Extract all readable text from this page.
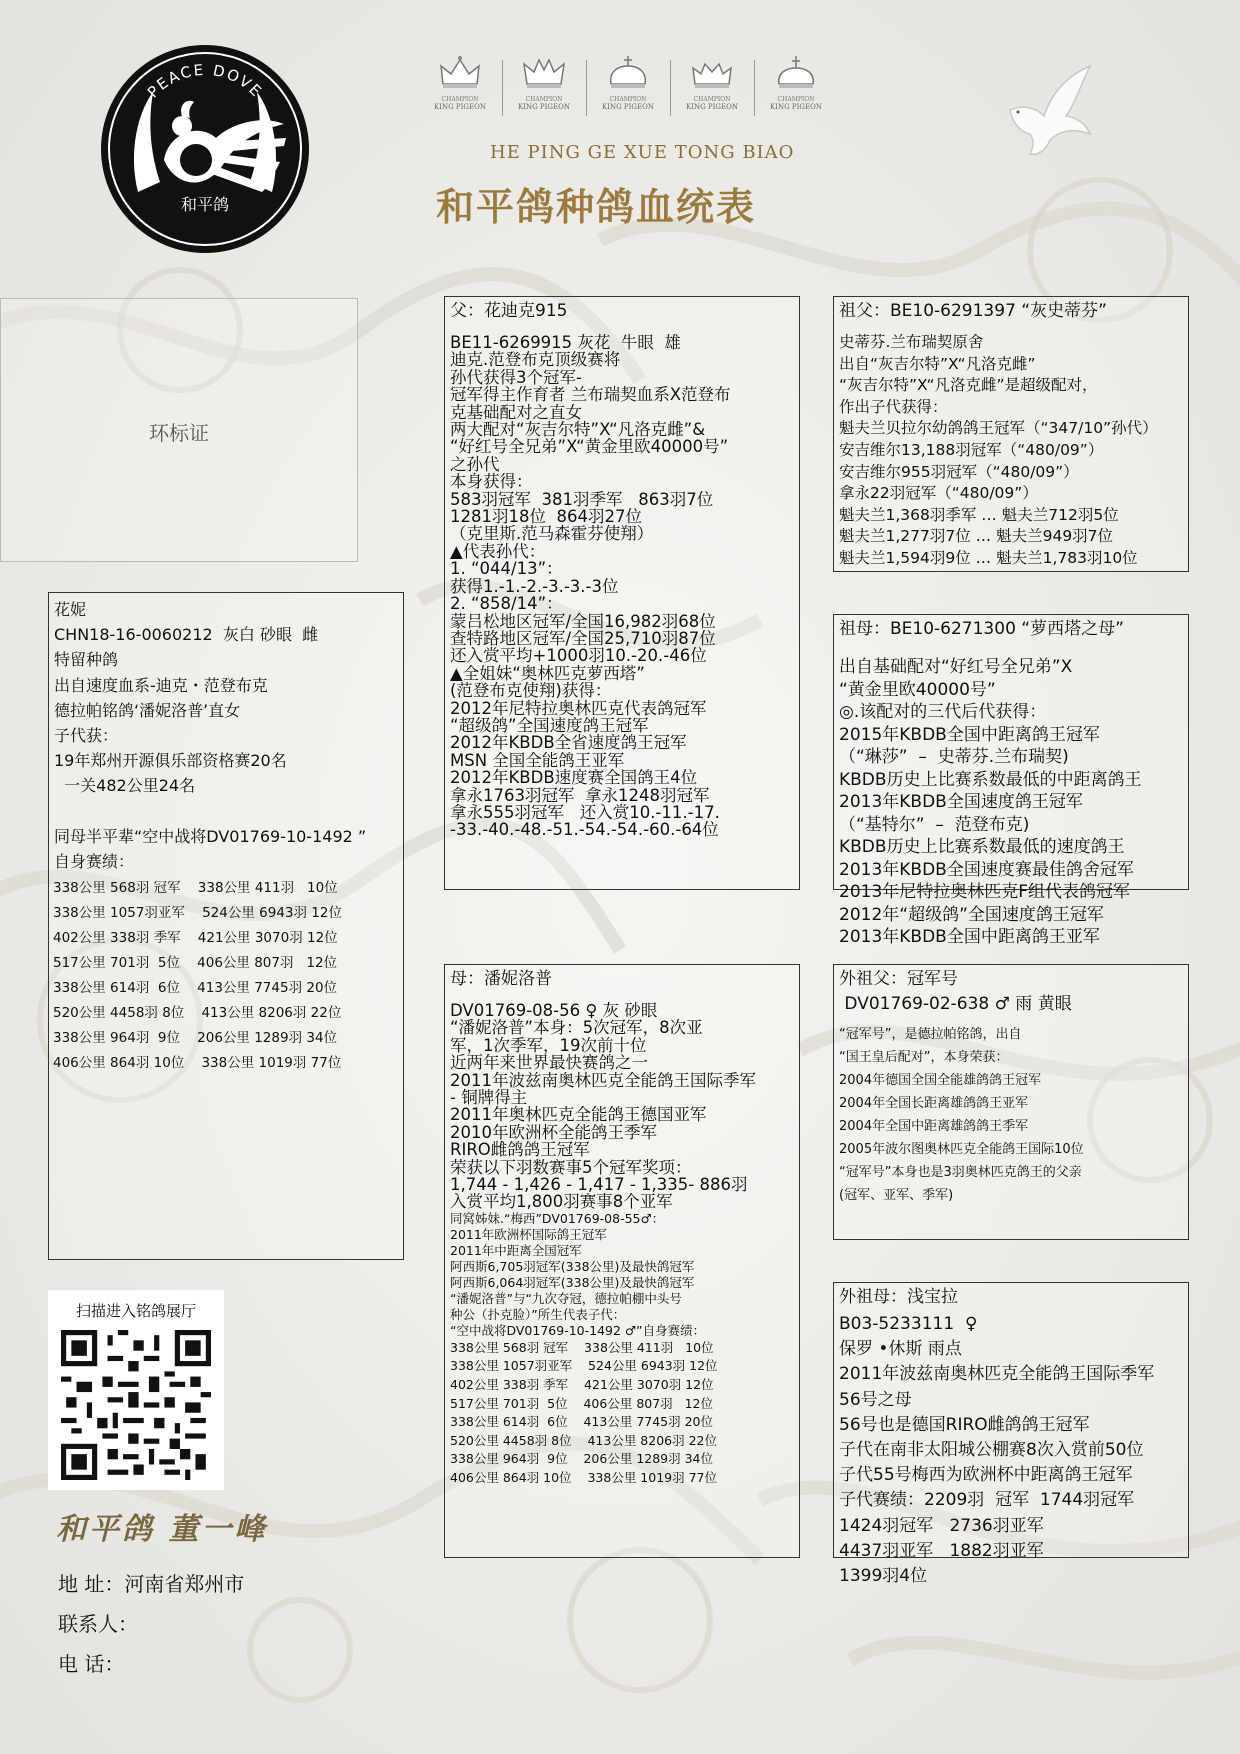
和平鸽
PEACE DOVE	CHAMPION
KING PIGEON
CHAMPION
KING PIGEON
CHAMPION
KING PIGEON
CHAMPION
KING PIGEON
CHAMPION
KING PIGEON
HE PING GE XUE TONG BIAO
和平鸽种鸽血统表
环标证
花妮
CHN18-16-0060212  灰白 砂眼  雌
特留种鸽
出自速度血系-迪克・范登布克
德拉帕铭鸽‘潘妮洛普’直女
子代获：
19年郑州开源俱乐部资格赛20名
一关482公里24名

同母半平辈“空中战将DV01769-10-1492 ”
自身赛绩：
338公里 568羽 冠军    338公里 411羽   10位
338公里 1057羽亚军    524公里 6943羽 12位
402公里 338羽 季军    421公里 3070羽 12位
517公里 701羽  5位    406公里 807羽   12位
338公里 614羽  6位    413公里 7745羽 20位
520公里 4458羽 8位    413公里 8206羽 22位
338公里 964羽  9位    206公里 1289羽 34位
406公里 864羽 10位    338公里 1019羽 77位
扫描进入铭鸽展厅
和平鸽 董一峰
地 址：河南省郑州市
联系人：
电 话：
父：花迪克915
BE11-6269915 灰花  牛眼  雄
迪克.范登布克顶级赛将
孙代获得3个冠军-
冠军得主作育者 兰布瑞契血系X范登布
克基础配对之直女
两大配对“灰吉尔特”X“凡洛克雌”&
“好红号全兄弟”X“黄金里欧40000号”
之孙代
本身获得：
583羽冠军  381羽季军   863羽7位
1281羽18位  864羽27位
（克里斯.范马森霍芬使翔）
▲代表孙代：
1. “044/13”：
获得1.-1.-2.-3.-3.-3位
2. “858/14”：
蒙吕松地区冠军/全国16,982羽68位
查特路地区冠军/全国25,710羽87位
还入赏平均+1000羽10.-20.-46位
▲全姐妹“奥林匹克萝西塔”
(范登布克使翔)获得：
2012年尼特拉奥林匹克代表鸽冠军
“超级鸽”全国速度鸽王冠军
2012年KBDB全省速度鸽王冠军
MSN 全国全能鸽王亚军
2012年KBDB速度赛全国鸽王4位
拿永1763羽冠军  拿永1248羽冠军
拿永555羽冠军   还入赏10.-11.-17.
-33.-40.-48.-51.-54.-54.-60.-64位
母：潘妮洛普
DV01769-08-56 ♀ 灰 砂眼
“潘妮洛普”本身：5次冠军，8次亚
军，1次季军，19次前十位
近两年来世界最快赛鸽之一
2011年波兹南奥林匹克全能鸽王国际季军
- 铜牌得主
2011年奥林匹克全能鸽王德国亚军
2010年欧洲杯全能鸽王季军
RIRO雌鸽鸽王冠军
荣获以下羽数赛事5个冠军奖项：
1,744 - 1,426 - 1,417 - 1,335- 886羽
入赏平均1,800羽赛事8个亚军
同窝姊妹.“梅西”DV01769-08-55♂：
2011年欧洲杯国际鸽王冠军
2011年中距离全国冠军
阿西斯6,705羽冠军(338公里)及最快鸽冠军
阿西斯6,064羽冠军(338公里)及最快鸽冠军
“潘妮洛普”与“九次夺冠，德拉帕棚中头号
种公（扑克脸）”所生代表子代：
“空中战将DV01769-10-1492 ♂”自身赛绩：
338公里 568羽 冠军    338公里 411羽   10位
338公里 1057羽亚军    524公里 6943羽 12位
402公里 338羽 季军    421公里 3070羽 12位
517公里 701羽  5位    406公里 807羽   12位
338公里 614羽  6位    413公里 7745羽 20位
520公里 4458羽 8位    413公里 8206羽 22位
338公里 964羽  9位    206公里 1289羽 34位
406公里 864羽 10位    338公里 1019羽 77位
祖父：BE10-6291397 “灰史蒂芬”
史蒂芬.兰布瑞契原舍
出自“灰吉尔特”X“凡洛克雌”
“灰吉尔特”X“凡洛克雌”是超级配对，
作出子代获得：
魁夫兰贝拉尔幼鸽鸽王冠军（“347/10”孙代）
安吉维尔13,188羽冠军（“480/09”）
安吉维尔955羽冠军（“480/09”）
拿永22羽冠军（“480/09”）
魁夫兰1,368羽季军 … 魁夫兰712羽5位
魁夫兰1,277羽7位 … 魁夫兰949羽7位
魁夫兰1,594羽9位 … 魁夫兰1,783羽10位
祖母：BE10-6271300 “萝西塔之母”
出自基础配对“好红号全兄弟”X
“黄金里欧40000号”
◎.该配对的三代后代获得：
2015年KBDB全国中距离鸽王冠军
（“琳莎”  –  史蒂芬.兰布瑞契)
KBDB历史上比赛系数最低的中距离鸽王
2013年KBDB全国速度鸽王冠军
（“基特尔”  –  范登布克)
KBDB历史上比赛系数最低的速度鸽王
2013年KBDB全国速度赛最佳鸽舍冠军
2013年尼特拉奥林匹克F组代表鸽冠军
2012年“超级鸽”全国速度鸽王冠军
2013年KBDB全国中距离鸽王亚军
外祖父：冠军号
DV01769-02-638 ♂ 雨 黄眼
“冠军号”，是德拉帕铭鸽，出自
“国王皇后配对”，本身荣获：
2004年德国全国全能雄鸽鸽王冠军
2004年全国长距离雄鸽鸽王亚军
2004年全国中距离雄鸽鸽王季军
2005年波尔图奥林匹克全能鸽王国际10位
“冠军号”本身也是3羽奥林匹克鸽王的父亲
(冠军、亚军、季军)
外祖母：浅宝拉
B03-5233111  ♀
保罗 •休斯 雨点
2011年波兹南奥林匹克全能鸽王国际季军
56号之母
56号也是德国RIRO雌鸽鸽王冠军
子代在南非太阳城公棚赛8次入赏前50位
子代55号梅西为欧洲杯中距离鸽王冠军
子代赛绩：2209羽  冠军  1744羽冠军
1424羽冠军   2736羽亚军
4437羽亚军   1882羽亚军
1399羽4位
